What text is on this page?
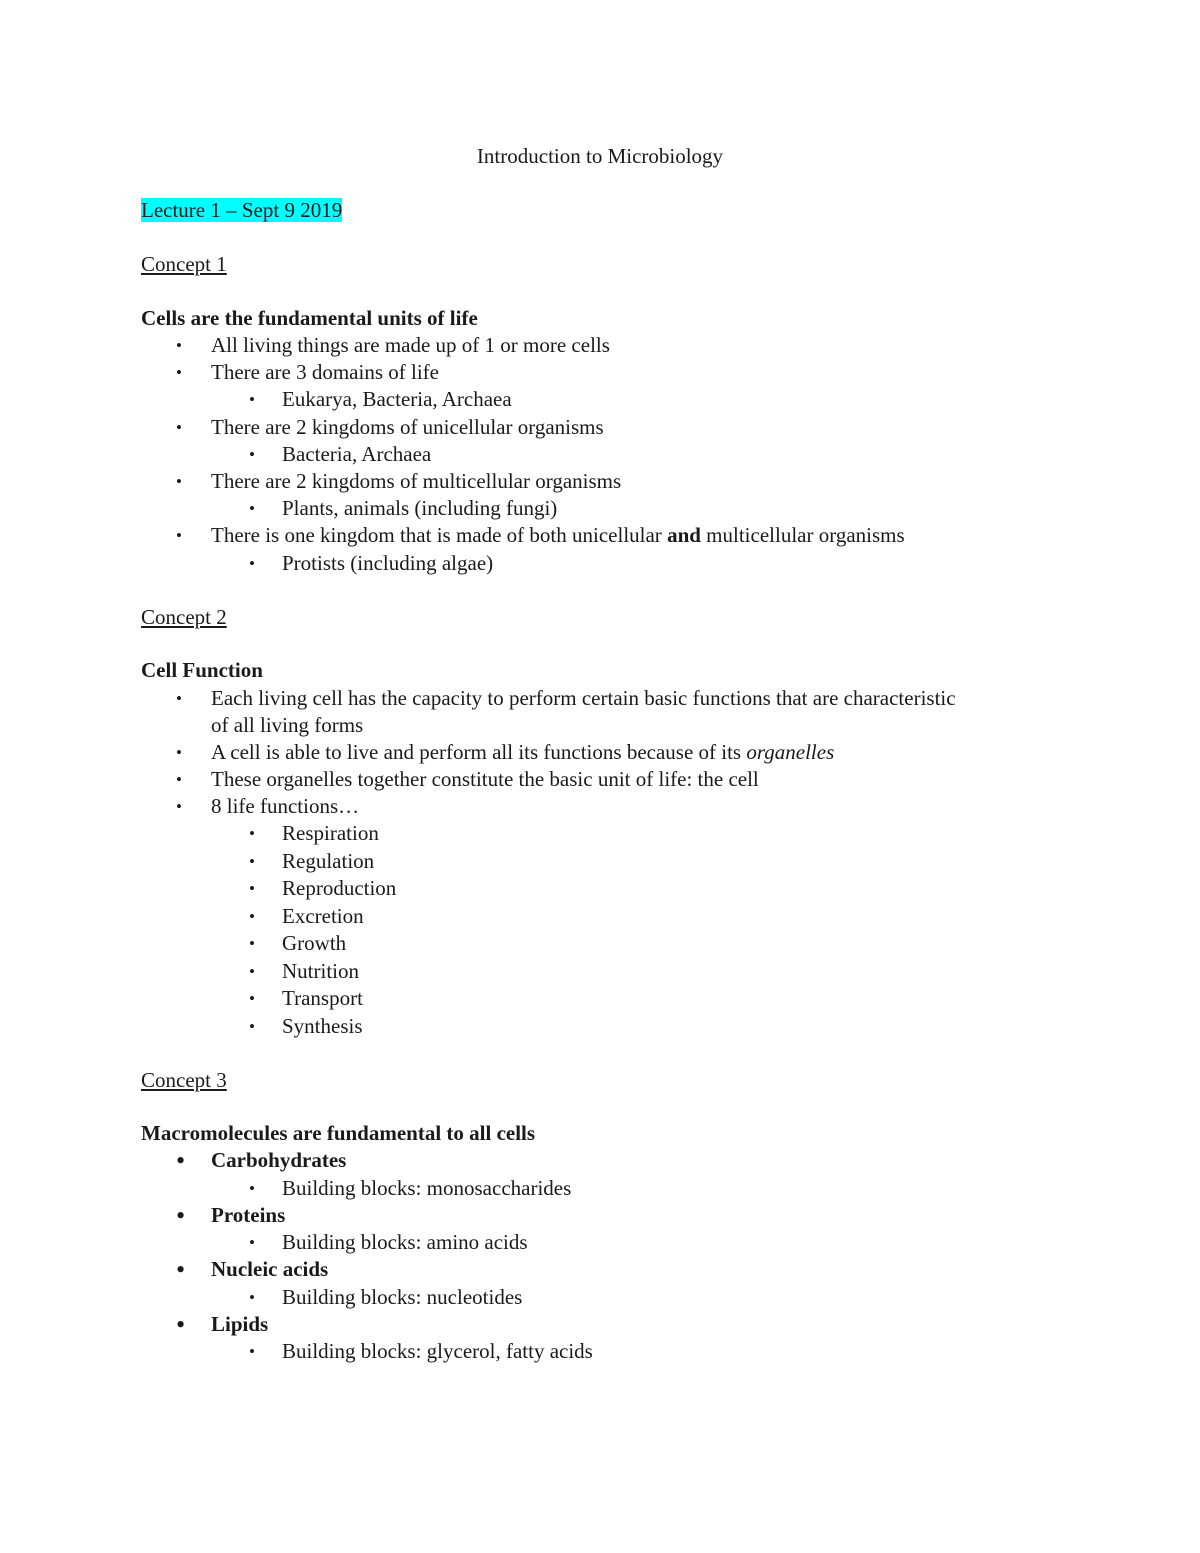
Introduction to Microbiology
Lecture 1 – Sept 9 2019
Concept 1
Cells are the fundamental units of life
• All living things are made up of 1 or more cells
• There are 3 domains of life
• Eukarya, Bacteria, Archaea
• There are 2 kingdoms of unicellular organisms
• Bacteria, Archaea
• There are 2 kingdoms of multicellular organisms
• Plants, animals (including fungi)
• There is one kingdom that is made of both unicellular and multicellular organisms
• Protists (including algae)
Concept 2
Cell Function
• Each living cell has the capacity to perform certain basic functions that are characteristic
of all living forms
• A cell is able to live and perform all its functions because of its organelles
• These organelles together constitute the basic unit of life: the cell
• 8 life functions…
• Respiration
• Regulation
• Reproduction
• Excretion
• Growth
• Nutrition
• Transport
• Synthesis
Concept 3
Macromolecules are fundamental to all cells
• Carbohydrates
• Building blocks: monosaccharides
• Proteins
• Building blocks: amino acids
• Nucleic acids
• Building blocks: nucleotides
• Lipids
• Building blocks: glycerol, fatty acids
